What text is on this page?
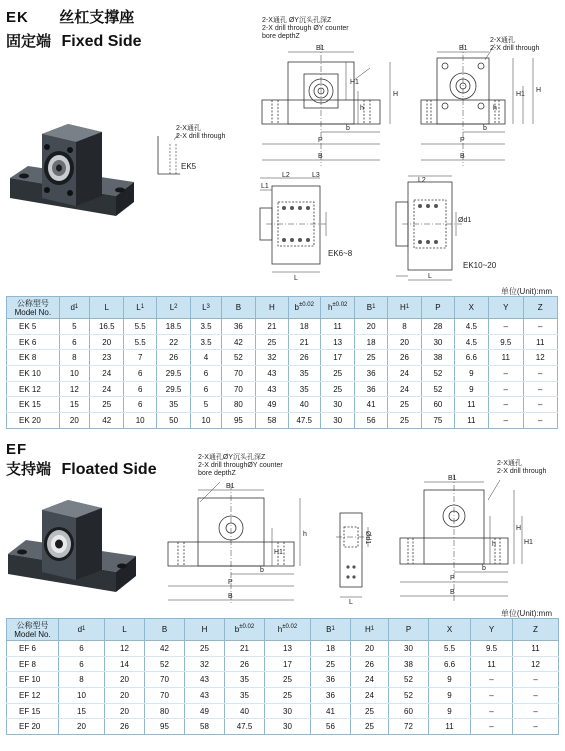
EK 丝杠支撑座
固定端 Fixed Side
2-X通孔
2-X drill through
EK5
2-X通孔 ØY沉头孔深Z
2-X drill through ØY counter
bore depthZ
2-X通孔
2-X drill through
B1
H1
h
H
b
P
B
B1
h
H1
H
b
P
B
L2	L3
L1
L
EK6~8
L2
Ød1
L
EK10~20
单位(Unit):mm
公称型号
Model No.	d1	L	L1	L2	L3	B	H	$b^{\pm 0.02}$	$h^{\pm 0.02}$	B1	H1	P	X	Y	Z
EK 5	5	16.5	5.5	18.5	3.5	36	21	18	11	20	8	28	4.5	–	–
EK 6	6	20	5.5	22	3.5	42	25	21	13	18	20	30	4.5	9.5	11
EK 8	8	23	7	26	4	52	32	26	17	25	26	38	6.6	11	12
EK 10	10	24	6	29.5	6	70	43	35	25	36	24	52	9	–	–
EK 12	12	24	6	29.5	6	70	43	35	25	36	24	52	9	–	–
EK 15	15	25	6	35	5	80	49	40	30	41	25	60	11	–	–
EK 20	20	42	10	50	10	95	58	47.5	30	56	25	75	11	–	–
EF
支持端 Floated Side
2-X通孔ØY沉头孔深Z
2-X drill throughØY counter
bore depthZ
2-X通孔
2-X drill through
B1
H1
h
b
P
B
Ød1
L
B1
h
H
H1
b
P
B
单位(Unit):mm
公称型号
Model No.	d1	L	B	H	$b^{\pm 0.02}$	$h^{\pm 0.02}$	B1	H1	P	X	Y	Z
EF 6	6	12	42	25	21	13	18	20	30	5.5	9.5	11
EF 8	6	14	52	32	26	17	25	26	38	6.6	11	12
EF 10	8	20	70	43	35	25	36	24	52	9	–	–
EF 12	10	20	70	43	35	25	36	24	52	9	–	–
EF 15	15	20	80	49	40	30	41	25	60	9	–	–
EF 20	20	26	95	58	47.5	30	56	25	72	11	–	–
